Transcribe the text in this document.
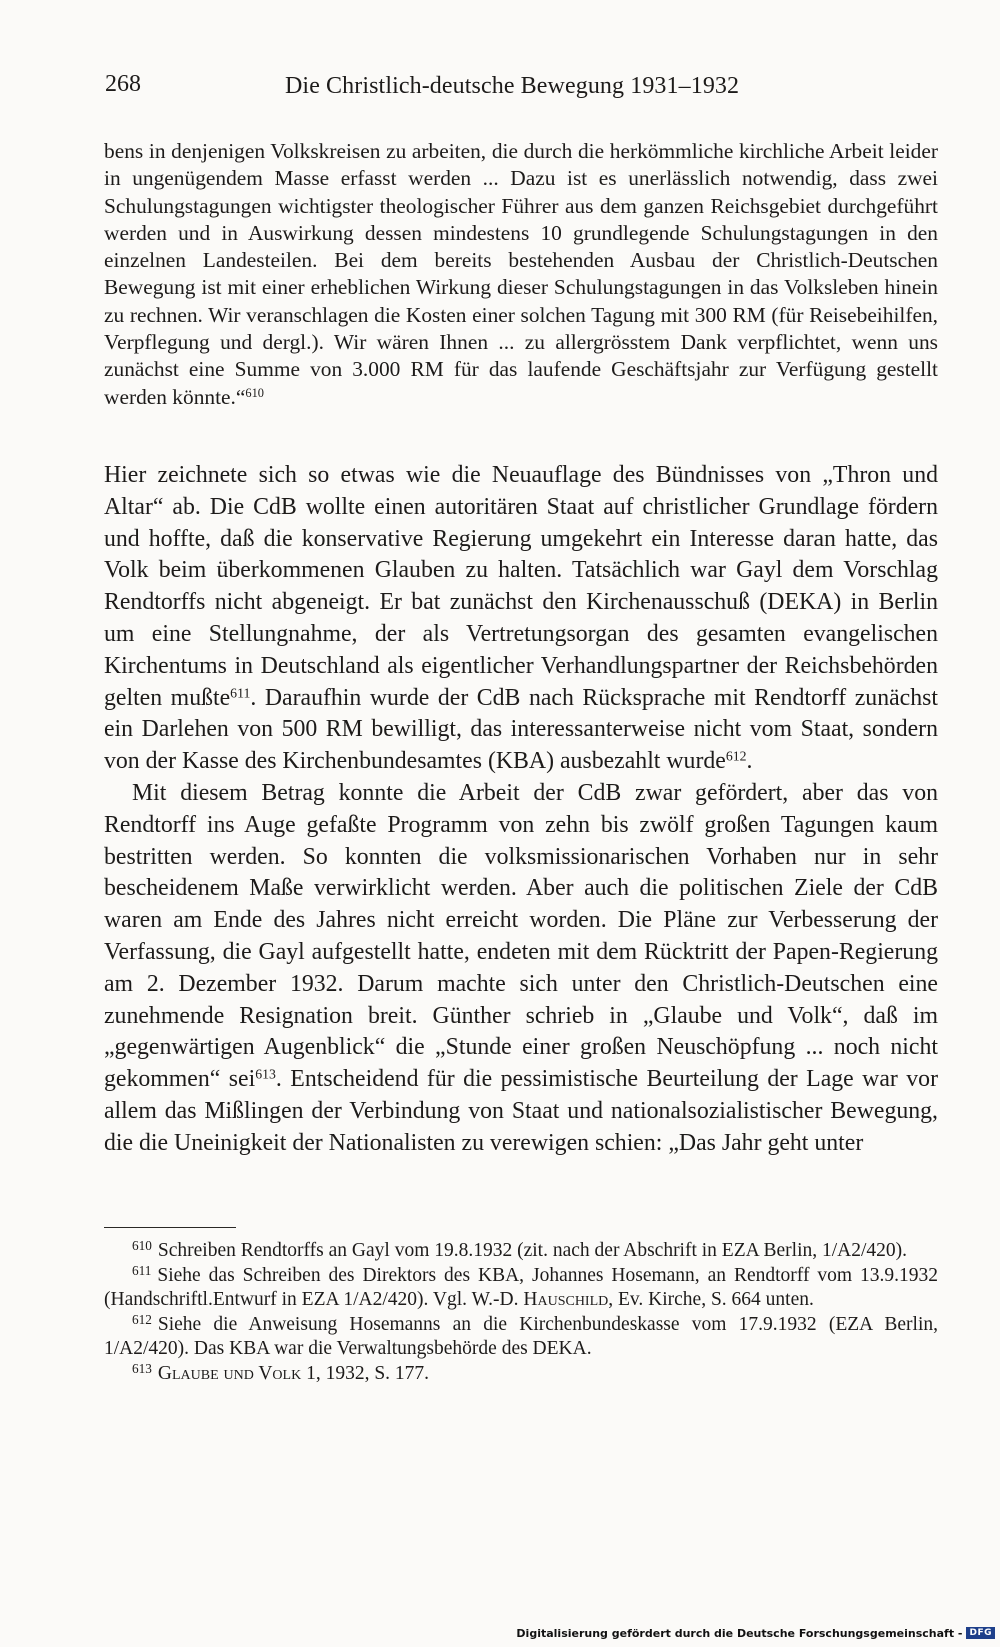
268	Die Christlich-deutsche Bewegung 1931–1932

bens in denjenigen Volkskreisen zu arbeiten, die durch die herkömmliche kirchliche Arbeit leider in ungenügendem Masse erfasst werden ... Dazu ist es unerlässlich notwendig, dass zwei Schulungstagungen wichtigster theologischer Führer aus dem ganzen Reichsgebiet durchgeführt werden und in Auswirkung dessen mindestens 10 grundlegende Schulungstagungen in den einzelnen Landesteilen. Bei dem bereits bestehenden Ausbau der Christlich-Deutschen Bewegung ist mit einer erheblichen Wirkung dieser Schulungstagungen in das Volksleben hinein zu rechnen. Wir veranschlagen die Kosten einer solchen Tagung mit 300 RM (für Reisebeihilfen, Verpflegung und dergl.). Wir wären Ihnen ... zu allergrösstem Dank verpflichtet, wenn uns zunächst eine Summe von 3.000 RM für das laufende Geschäftsjahr zur Verfügung gestellt werden könnte.“$^{610}$

Hier zeichnete sich so etwas wie die Neuauflage des Bündnisses von „Thron und Altar“ ab. Die CdB wollte einen autoritären Staat auf christlicher Grundlage fördern und hoffte, daß die konservative Regierung umgekehrt ein Interesse daran hatte, das Volk beim überkommenen Glauben zu halten. Tatsächlich war Gayl dem Vorschlag Rendtorffs nicht abgeneigt. Er bat zunächst den Kirchenausschuß (DEKA) in Berlin um eine Stellungnahme, der als Vertretungsorgan des gesamten evangelischen Kirchentums in Deutschland als eigentlicher Verhandlungspartner der Reichsbehörden gelten mußte$^{611}$. Daraufhin wurde der CdB nach Rücksprache mit Rendtorff zunächst ein Darlehen von 500 RM bewilligt, das interessanterweise nicht vom Staat, sondern von der Kasse des Kirchenbundesamtes (KBA) ausbezahlt wurde$^{612}$.

Mit diesem Betrag konnte die Arbeit der CdB zwar gefördert, aber das von Rendtorff ins Auge gefaßte Programm von zehn bis zwölf großen Tagungen kaum bestritten werden. So konnten die volksmissionarischen Vorhaben nur in sehr bescheidenem Maße verwirklicht werden. Aber auch die politischen Ziele der CdB waren am Ende des Jahres nicht erreicht worden. Die Pläne zur Verbesserung der Verfassung, die Gayl aufgestellt hatte, endeten mit dem Rücktritt der Papen-Regierung am 2. Dezember 1932. Darum machte sich unter den Christlich-Deutschen eine zunehmende Resignation breit. Günther schrieb in „Glaube und Volk“, daß im „gegenwärtigen Augenblick“ die „Stunde einer großen Neuschöpfung ... noch nicht gekommen“ sei$^{613}$. Entscheidend für die pessimistische Beurteilung der Lage war vor allem das Mißlingen der Verbindung von Staat und nationalsozialistischer Bewegung, die die Uneinigkeit der Nationalisten zu verewigen schien: „Das Jahr geht unter

$^{610}$ Schreiben Rendtorffs an Gayl vom 19.8.1932 (zit. nach der Abschrift in EZA Berlin, 1/A2/420).

$^{611}$ Siehe das Schreiben des Direktors des KBA, Johannes Hosemann, an Rendtorff vom 13.9.1932 (Handschriftl.Entwurf in EZA 1/A2/420). Vgl. W.-D. Hauschild, Ev. Kirche, S. 664 unten.

$^{612}$ Siehe die Anweisung Hosemanns an die Kirchenbundeskasse vom 17.9.1932 (EZA Berlin, 1/A2/420). Das KBA war die Verwaltungsbehörde des DEKA.

$^{613}$ Glaube und Volk 1, 1932, S. 177.

Digitalisierung gefördert durch die Deutsche Forschungsgemeinschaft - DFG
